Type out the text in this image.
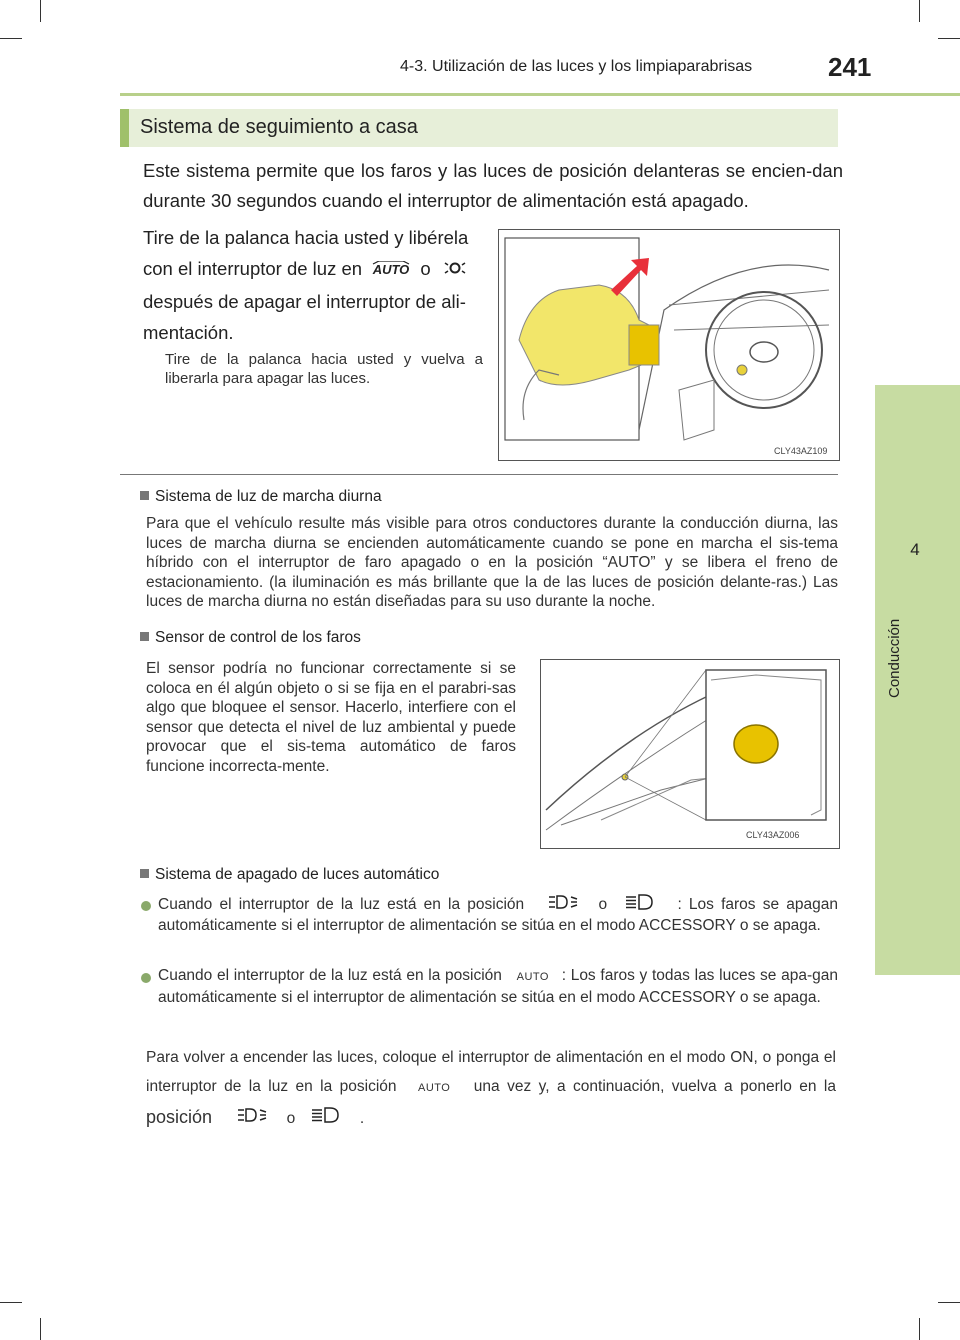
4-3. Utilización de las luces y los limpiaparabrisas	241
4
Conducción
Sistema de seguimiento a casa
Este sistema permite que los faros y las luces de posición delanteras se encien-dan durante 30 segundos cuando el interruptor de alimentación está apagado.
Tire de la palanca hacia usted y libérela con el interruptor de luz en AUTO o
después de apagar el interruptor de ali-mentación.
Tire de la palanca hacia usted y vuelva a liberarla para apagar las luces.
CLY43AZ109
Sistema de luz de marcha diurna
Para que el vehículo resulte más visible para otros conductores durante la conducción diurna, las luces de marcha diurna se encienden automáticamente cuando se pone en marcha el sis-tema híbrido con el interruptor de faro apagado o en la posición “AUTO” y se libera el freno de estacionamiento. (la iluminación es más brillante que la de las luces de posición delante-ras.) Las luces de marcha diurna no están diseñadas para su uso durante la noche.
Sensor de control de los faros
El sensor podría no funcionar correctamente si se coloca en él algún objeto o si se fija en el parabri-sas algo que bloquee el sensor. Hacerlo, interfiere con el sensor que detecta el nivel de luz ambiental y puede provocar que el sis-tema automático de faros funcione incorrecta-mente.
CLY43AZ006
Sistema de apagado de luces automático
Cuando el interruptor de la luz está en la posición	o	: Los faros se apagan automáticamente si el interruptor de alimentación se sitúa en el modo ACCESSORY o se apaga.
Cuando el interruptor de la luz está en la posición AUTO : Los faros y todas las luces se apa-gan automáticamente si el interruptor de alimentación se sitúa en el modo ACCESSORY o se apaga.
Para volver a encender las luces, coloque el interruptor de alimentación en el modo ON, o ponga el interruptor de la luz en la posición AUTO una vez y, a continuación, vuelva a ponerlo en la posición	o	.
